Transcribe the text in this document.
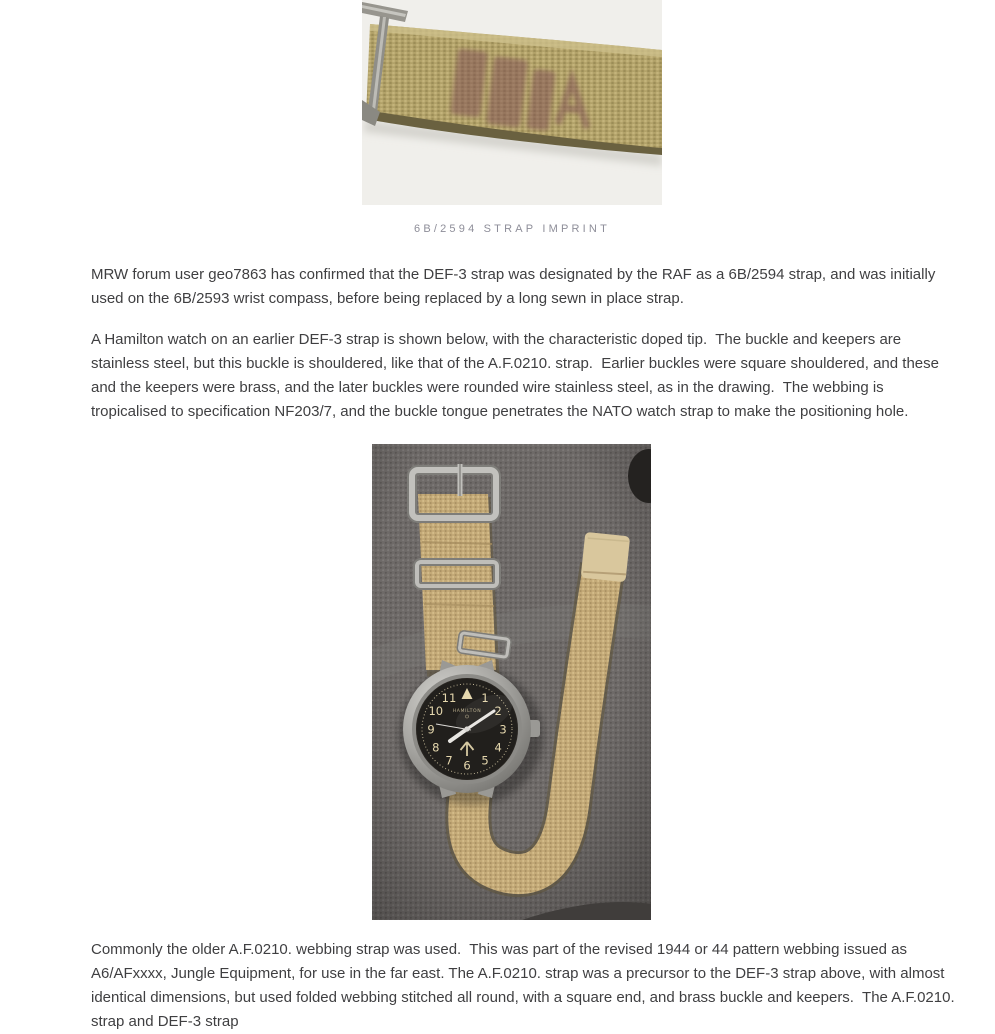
6B/2594 STRAP IMPRINT

MRW forum user geo7863 has confirmed that the DEF-3 strap was designated by the RAF as a 6B/2594 strap, and was initially used on the 6B/2593 wrist compass, before being replaced by a long sewn in place strap.

A Hamilton watch on an earlier DEF-3 strap is shown below, with the characteristic doped tip.  The buckle and keepers are stainless steel, but this buckle is shouldered, like that of the A.F.0210. strap.  Earlier buckles were square shouldered, and these and the keepers were brass, and the later buckles were rounded wire stainless steel, as in the drawing.  The webbing is tropicalised to specification NF203/7, and the buckle tongue penetrates the NATO watch strap to make the positioning hole.

HAMILTON
1
2
3
4
5
6
7
8
9
10
11

Commonly the older A.F.0210. webbing strap was used.  This was part of the revised 1944 or 44 pattern webbing issued as A6/AFxxxx, Jungle Equipment, for use in the far east. The A.F.0210. strap was a precursor to the DEF-3 strap above, with almost identical dimensions, but used folded webbing stitched all round, with a square end, and brass buckle and keepers.  The A.F.0210. strap and DEF-3 strap
